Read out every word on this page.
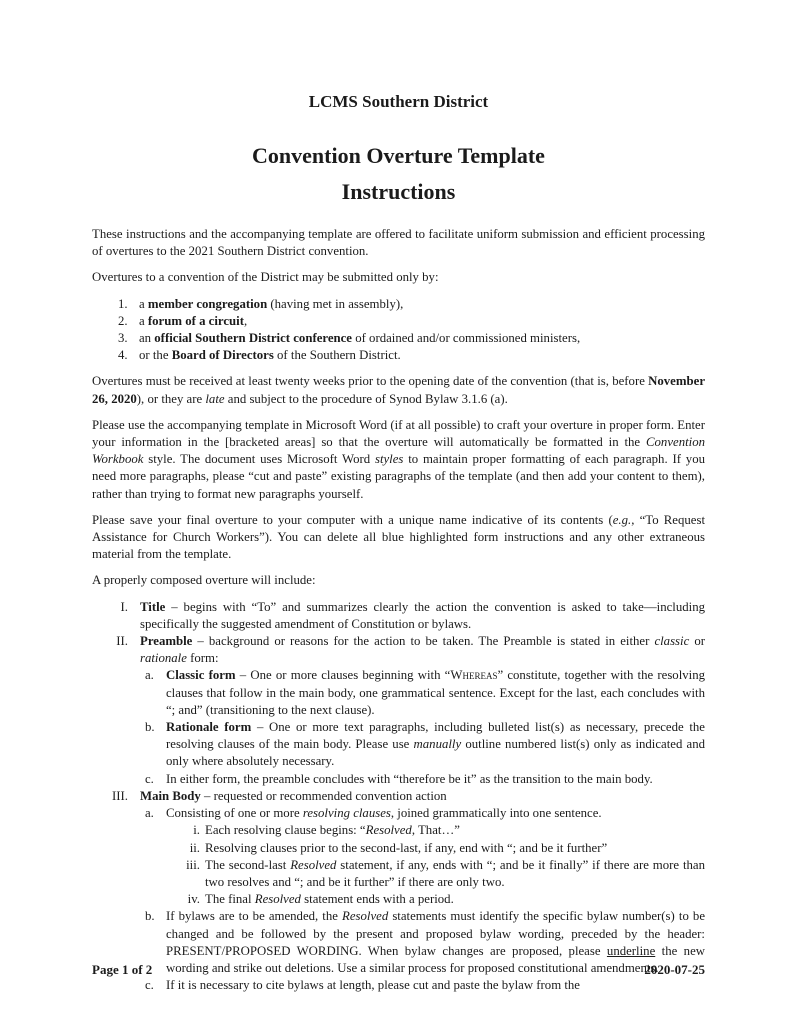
LCMS Southern District
Convention Overture Template
Instructions
These instructions and the accompanying template are offered to facilitate uniform submission and efficient processing of overtures to the 2021 Southern District convention.
Overtures to a convention of the District may be submitted only by:
1. a member congregation (having met in assembly),
2. a forum of a circuit,
3. an official Southern District conference of ordained and/or commissioned ministers,
4. or the Board of Directors of the Southern District.
Overtures must be received at least twenty weeks prior to the opening date of the convention (that is, before November 26, 2020), or they are late and subject to the procedure of Synod Bylaw 3.1.6 (a).
Please use the accompanying template in Microsoft Word (if at all possible) to craft your overture in proper form. Enter your information in the [bracketed areas] so that the overture will automatically be formatted in the Convention Workbook style. The document uses Microsoft Word styles to maintain proper formatting of each paragraph. If you need more paragraphs, please “cut and paste” existing paragraphs of the template (and then add your content to them), rather than trying to format new paragraphs yourself.
Please save your final overture to your computer with a unique name indicative of its contents (e.g., “To Request Assistance for Church Workers”). You can delete all blue highlighted form instructions and any other extraneous material from the template.
A properly composed overture will include:
I. Title – begins with “To” and summarizes clearly the action the convention is asked to take—including specifically the suggested amendment of Constitution or bylaws.
II. Preamble – background or reasons for the action to be taken. The Preamble is stated in either classic or rationale form:
a. Classic form – One or more clauses beginning with “Whereas” constitute, together with the resolving clauses that follow in the main body, one grammatical sentence. Except for the last, each concludes with “; and” (transitioning to the next clause).
b. Rationale form – One or more text paragraphs, including bulleted list(s) as necessary, precede the resolving clauses of the main body. Please use manually outline numbered list(s) only as indicated and only where absolutely necessary.
c. In either form, the preamble concludes with “therefore be it” as the transition to the main body.
III. Main Body – requested or recommended convention action
a. Consisting of one or more resolving clauses, joined grammatically into one sentence.
i. Each resolving clause begins: “Resolved, That…”
ii. Resolving clauses prior to the second-last, if any, end with “; and be it further”
iii. The second-last Resolved statement, if any, ends with “; and be it finally” if there are more than two resolves and “; and be it further” if there are only two.
iv. The final Resolved statement ends with a period.
b. If bylaws are to be amended, the Resolved statements must identify the specific bylaw number(s) to be changed and be followed by the present and proposed bylaw wording, preceded by the header: PRESENT/PROPOSED WORDING. When bylaw changes are proposed, please underline the new wording and strike out deletions. Use a similar process for proposed constitutional amendments.
c. If it is necessary to cite bylaws at length, please cut and paste the bylaw from the
Page 1 of 2	2020-07-25
